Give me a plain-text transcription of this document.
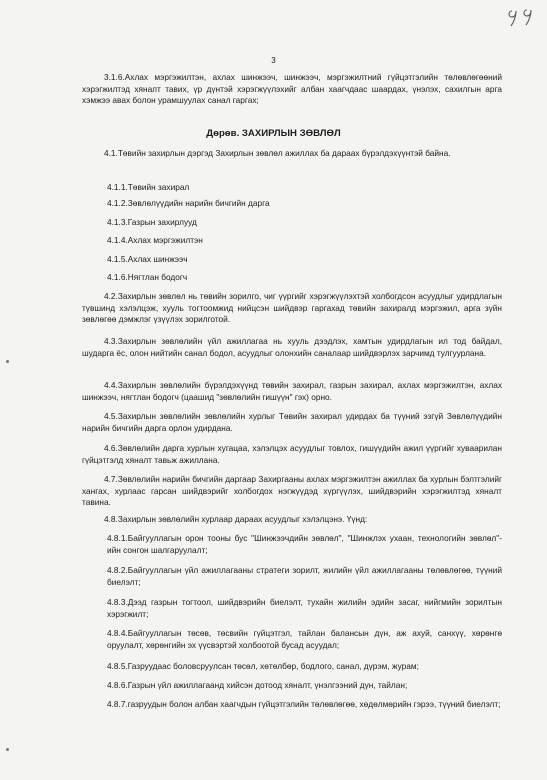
3
3.1.6.Ахлах мэргэжилтэн, ахлах шинжээч, шинжээч, мэргэжилтний гүйцэтгэлийн төлөвлөгөөний хэрэгжилтэд хяналт тавих, үр дүнтэй хэрэгжүүлэхийг албан хаагчдаас шаардах, үнэлэх, сахилгын арга хэмжээ авах болон урамшуулах санал гаргах;
Дөрөв. ЗАХИРЛЫН ЗӨВЛӨЛ
4.1.Төвийн захирлын дэргэд Захирлын зөвлөл ажиллах ба дараах бүрэлдэхүүнтэй байна.
4.1.1.Төвийн захирал
4.1.2.Зөвлөлүүдийн нарийн бичгийн дарга
4.1.3.Газрын захирлууд
4.1.4.Ахлах мэргэжилтэн
4.1.5.Ахлах шинжээч
4.1.6.Нягтлан бодогч
4.2.Захирлын зөвлөл нь төвийн зорилго, чиг үүргийг хэрэгжүүлэхтэй холбогдсон асуудлыг удирдлагын түвшинд хэлэлцэж, хууль тогтоомжид нийцсэн шийдвэр гаргахад төвийн захиралд мэргэжил, арга зүйн зөвлөгөө дэмжлэг үзүүлэх зорилготой.
4.3.Захирлын зөвлөлийн үйл ажиллагаа нь хууль дээдлэх, хамтын удирдлагын ил тод байдал, шударга ёс, олон нийтийн санал бодол, асуудлыг олонхийн саналаар шийдвэрлэх зарчимд тулгуурлана.
4.4.Захирлын зөвлөлийн бүрэлдэхүүнд төвийн захирал, газрын захирал, ахлах мэргэжилтэн, ахлах шинжээч, нягтлан бодогч (цаашид "зөвлөлийн гишүүн" гэх) орно.
4.5.Захирлын зөвлөлийн зөвлөлийн хурлыг Төвийн захирал удирдах ба түүний эзгүй Зөвлөлүүдийн нарийн бичгийн дарга орлон удирдана.
4.6.Зөвлөлийн дарга хурлын хугацаа, хэлэлцэх асуудлыг товлох, гишүүдийн ажил үүргийг хуваарилан гүйцэтгэлд хяналт тавьж ажиллана.
4.7.Зөвлөлийн нарийн бичгийн даргаар Захиргааны ахлах мэргэжилтэн ажиллах ба хурлын бэлтгэлийг хангах, хурлаас гарсан шийдвэрийг холбогдох нэгжүүдэд хүргүүлэх, шийдвэрийн хэрэгжилтэд хяналт тавина.
4.8.Захирлын зөвлөлийн хурлаар дараах асуудлыг хэлэлцэнэ. Үүнд:
4.8.1.Байгууллагын орон тооны бус "Шинжээчдийн зөвлөл", "Шинжлэх ухаан, технологийн зөвлөл"-ийн сонгон шалгаруулалт;
4.8.2.Байгууллагын үйл ажиллагааны стратеги зорилт, жилийн үйл ажиллагааны төлөвлөгөө, түүний биелэлт;
4.8.3.Дээд газрын тогтоол, шийдвэрийн биелэлт, тухайн жилийн эдийн засаг, нийгмийн зорилтын хэрэгжилт;
4.8.4.Байгууллагын төсөв, төсвийн гүйцэтгэл, тайлан балансын дүн, аж ахуй, санхүү, хөрөнгө оруулалт, хөрөнгийн эх үүсвэртэй холбоотой бусад асуудал;
4.8.5.Газруудаас боловсруулсан төсөл, хөтөлбөр, бодлого, санал, дүрэм, журам;
4.8.6.Газрын үйл ажиллагаанд хийсэн дотоод хяналт, үнэлгээний дүн, тайлан;
4.8.7.газруудын болон албан хаагчдын гүйцэтгэлийн төлөвлөгөө, хөдөлмөрийн гэрээ, түүний биелэлт;
